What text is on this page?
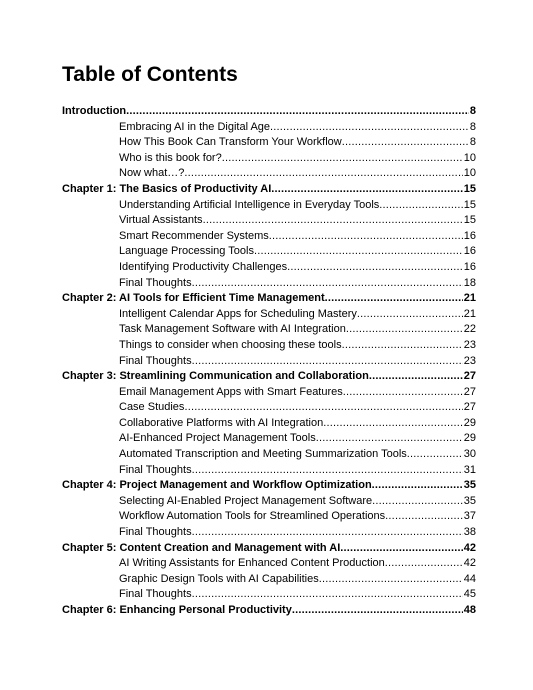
Table of Contents
Introduction .....	8
Embracing AI in the Digital Age .....	8
How This Book Can Transform Your Workflow .....	8
Who is this book for? .....	10
Now what…? .....	10
Chapter 1: The Basics of Productivity AI .....	15
Understanding Artificial Intelligence in Everyday Tools .....	15
Virtual Assistants .....	15
Smart Recommender Systems .....	16
Language Processing Tools .....	16
Identifying Productivity Challenges .....	16
Final Thoughts .....	18
Chapter 2: AI Tools for Efficient Time Management .....	21
Intelligent Calendar Apps for Scheduling Mastery .....	21
Task Management Software with AI Integration .....	22
Things to consider when choosing these tools .....	23
Final Thoughts .....	23
Chapter 3: Streamlining Communication and Collaboration .....	27
Email Management Apps with Smart Features .....	27
Case Studies .....	27
Collaborative Platforms with AI Integration .....	29
AI-Enhanced Project Management Tools .....	29
Automated Transcription and Meeting Summarization Tools .....	30
Final Thoughts .....	31
Chapter 4: Project Management and Workflow Optimization .....	35
Selecting AI-Enabled Project Management Software .....	35
Workflow Automation Tools for Streamlined Operations .....	37
Final Thoughts .....	38
Chapter 5: Content Creation and Management with AI .....	42
AI Writing Assistants for Enhanced Content Production .....	42
Graphic Design Tools with AI Capabilities .....	44
Final Thoughts .....	45
Chapter 6: Enhancing Personal Productivity .....	48
